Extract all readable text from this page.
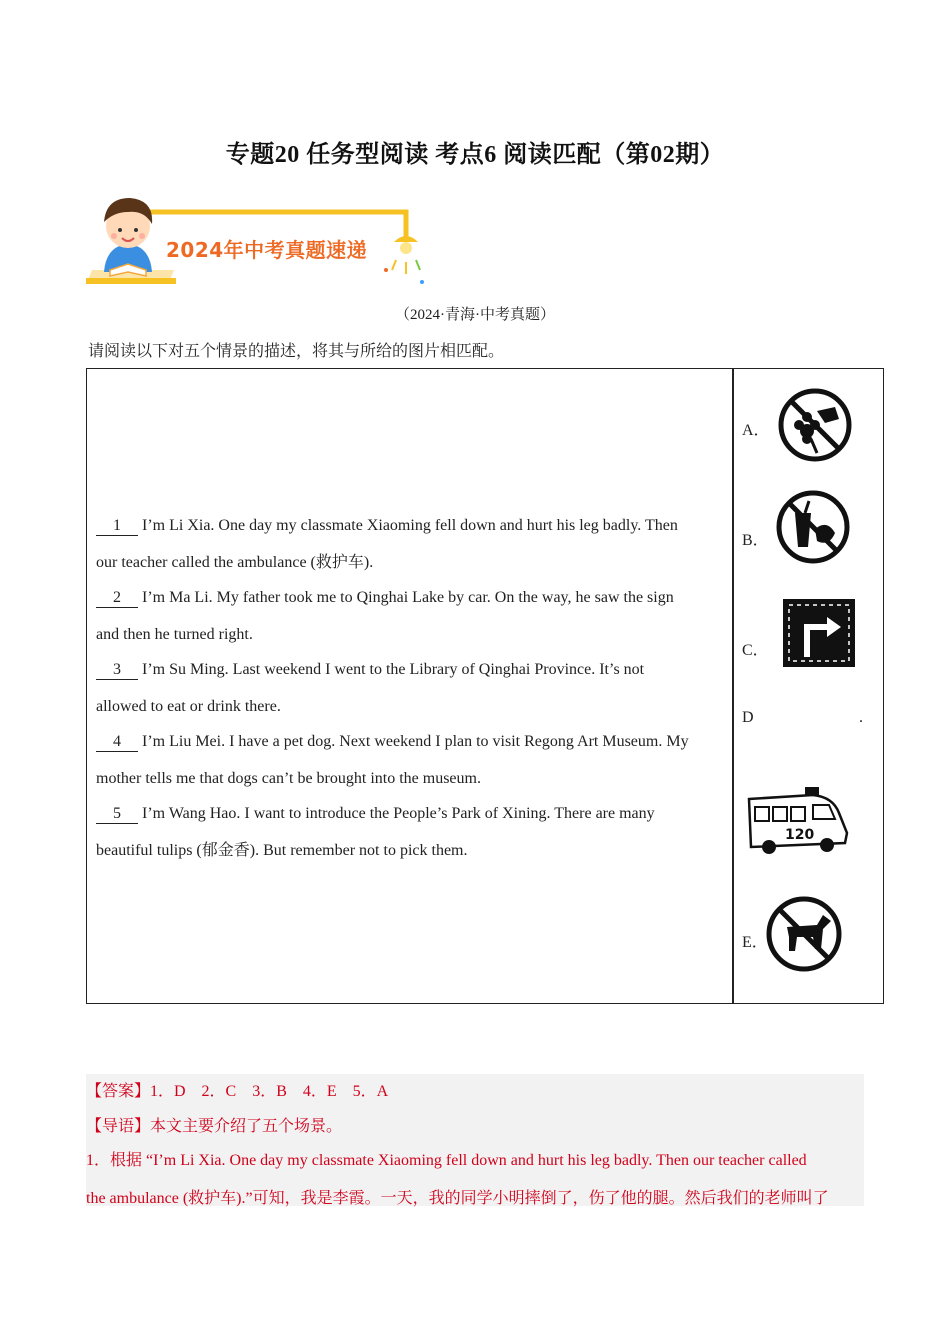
专题20 任务型阅读 考点6 阅读匹配（第02期）
2024年中考真题速递
（2024·青海·中考真题）
请阅读以下对五个情景的描述，将其与所给的图片相匹配。
1 I’m Li Xia. One day my classmate Xiaoming fell down and hurt his leg badly. Then
our teacher called the ambulance (救护车).
2 I’m Ma Li. My father took me to Qinghai Lake by car. On the way, he saw the sign
and then he turned right.
3 I’m Su Ming. Last weekend I went to the Library of Qinghai Province. It’s not
allowed to eat or drink there.
4 I’m Liu Mei. I have a pet dog. Next weekend I plan to visit Regong Art Museum. My
mother tells me that dogs can’t be brought into the museum.
5 I’m Wang Hao. I want to introduce the People’s Park of Xining. There are many
beautiful tulips (郁金香). But remember not to pick them.
A．
B．
C．
D	.
120
E．
【答案】1．D　2．C　3．B　4．E　5．A
【导语】本文主要介绍了五个场景。
1．根据 “I’m Li Xia. One day my classmate Xiaoming fell down and hurt his leg badly. Then our teacher called
the ambulance (救护车).”可知，我是李霞。一天，我的同学小明摔倒了，伤了他的腿。然后我们的老师叫了
